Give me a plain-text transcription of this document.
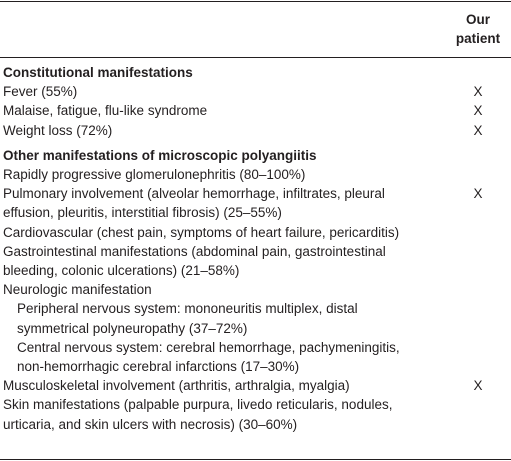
Our
patient
Constitutional manifestations
Fever (55%)	X
Malaise, fatigue, flu-like syndrome	X
Weight loss (72%)	X
Other manifestations of microscopic polyangiitis
Rapidly progressive glomerulonephritis (80–100%)
Pulmonary involvement (alveolar hemorrhage, infiltrates, pleural	X
effusion, pleuritis, interstitial fibrosis) (25–55%)
Cardiovascular (chest pain, symptoms of heart failure, pericarditis)
Gastrointestinal manifestations (abdominal pain, gastrointestinal
bleeding, colonic ulcerations) (21–58%)
Neurologic manifestation
Peripheral nervous system: mononeuritis multiplex, distal
symmetrical polyneuropathy (37–72%)
Central nervous system: cerebral hemorrhage, pachymeningitis,
non-hemorrhagic cerebral infarctions (17–30%)
Musculoskeletal involvement (arthritis, arthralgia, myalgia)	X
Skin manifestations (palpable purpura, livedo reticularis, nodules,
urticaria, and skin ulcers with necrosis) (30–60%)
